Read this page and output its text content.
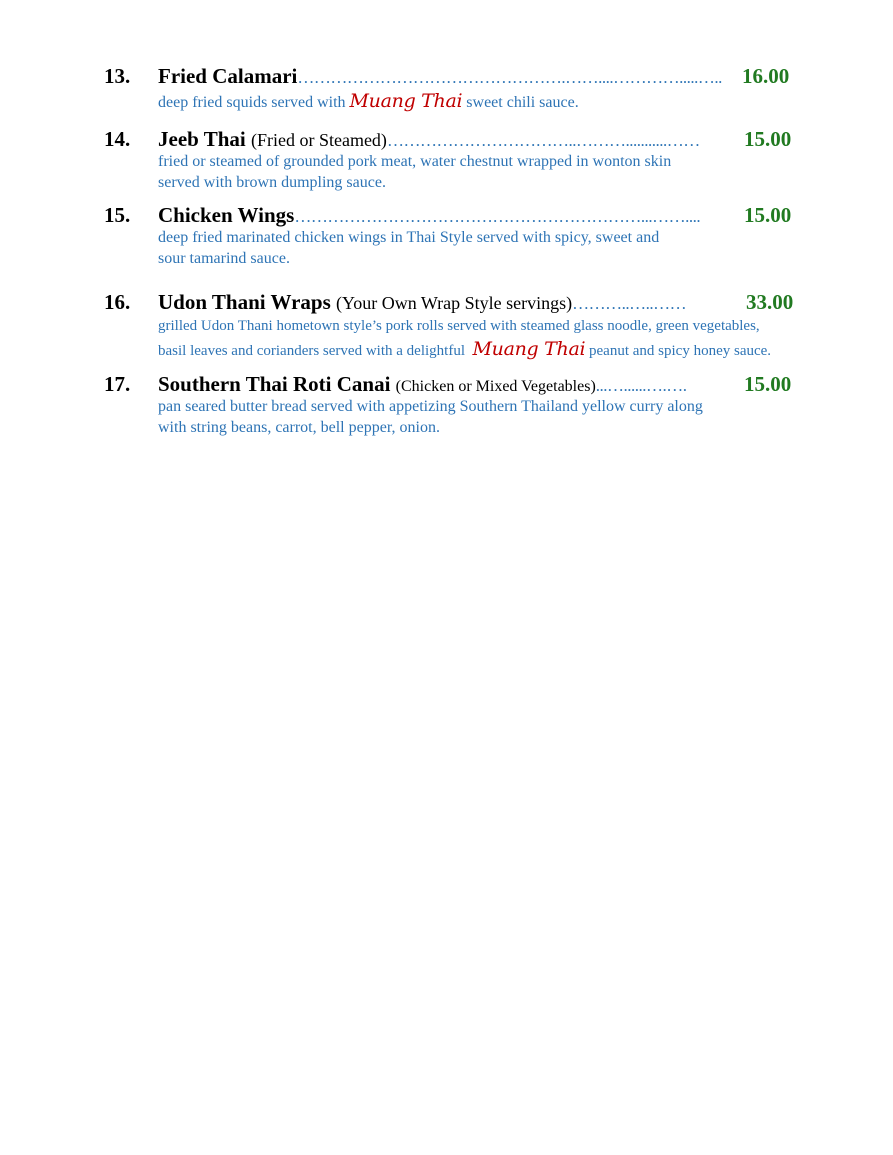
13. Fried Calamari………………………………………….……....………….....….. 16.00
deep fried squids served with Muang Thai sweet chili sauce.
14. Jeeb Thai (Fried or Steamed)……………………………..………...........…… 15.00
fried or steamed of grounded pork meat, water chestnut wrapped in wonton skin
served with brown dumpling sauce.
15. Chicken Wings………………………………………………………...…….... 15.00
deep fried marinated chicken wings in Thai Style served with spicy, sweet and
sour tamarind sauce.
16. Udon Thani Wraps (Your Own Wrap Style servings)………..…..……	33.00
grilled Udon Thani hometown style’s pork rolls served with steamed glass noodle, green vegetables,
basil leaves and corianders served with a delightful Muang Thai peanut and spicy honey sauce.
17. Southern Thai Roti Canai (Chicken or Mixed Vegetables)...…......….….	15.00
pan seared butter bread served with appetizing Southern Thailand yellow curry along
with string beans, carrot, bell pepper, onion.
